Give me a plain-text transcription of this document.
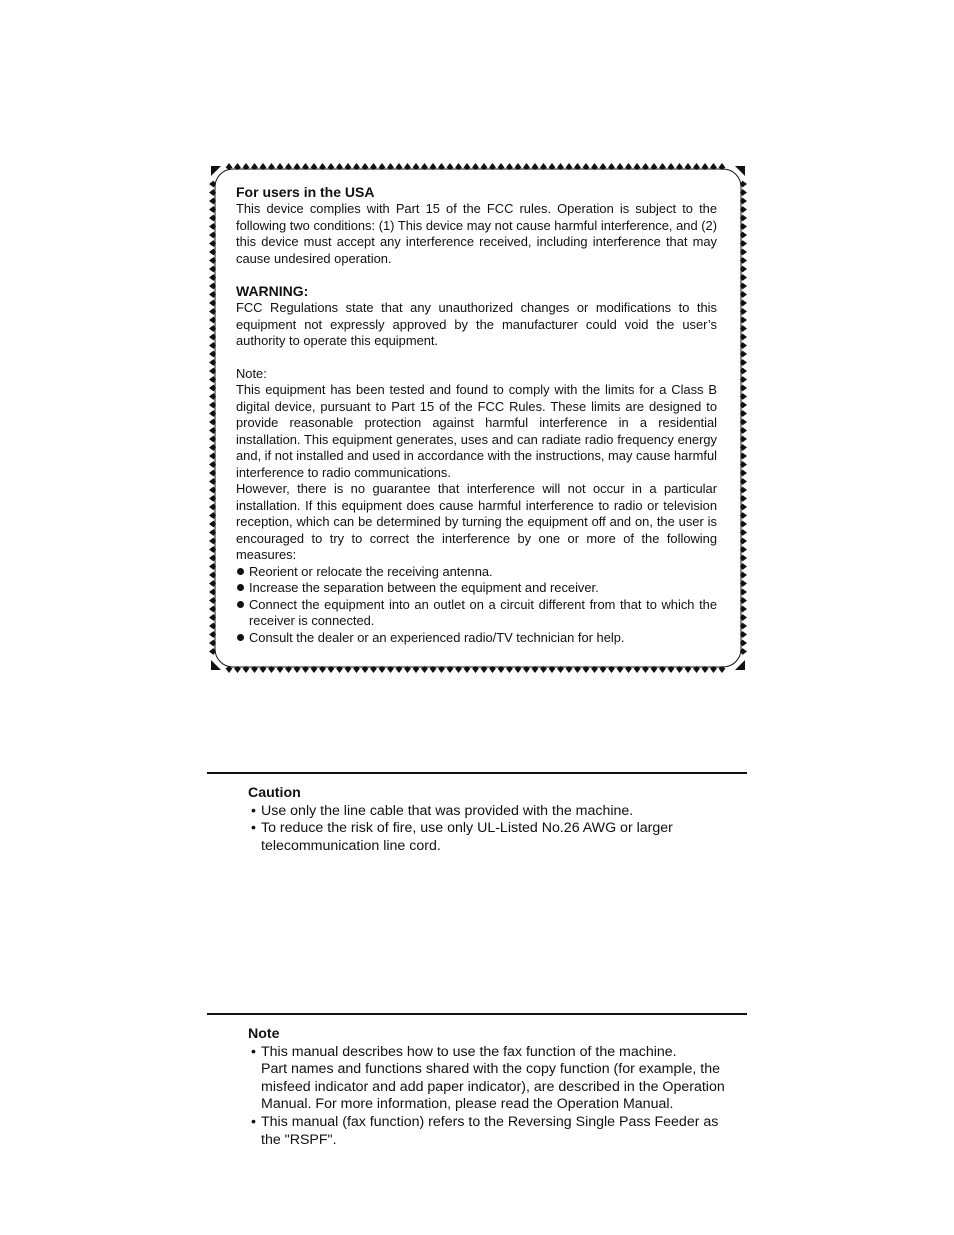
For users in the USA

This device complies with Part 15 of the FCC rules. Operation is subject to the following two conditions: (1) This device may not cause harmful interference, and (2) this device must accept any interference received, including interference that may cause undesired operation.

WARNING:

FCC Regulations state that any unauthorized changes or modifications to this equipment not expressly approved by the manufacturer could void the user’s authority to operate this equipment.

Note:

This equipment has been tested and found to comply with the limits for a Class B digital device, pursuant to Part 15 of the FCC Rules. These limits are designed to provide reasonable protection against harmful interference in a residential installation. This equipment generates, uses and can radiate radio frequency energy and, if not installed and used in accordance with the instructions, may cause harmful interference to radio communications.

However, there is no guarantee that interference will not occur in a particular installation. If this equipment does cause harmful interference to radio or television reception, which can be determined by turning the equipment off and on, the user is encouraged to try to correct the interference by one or more of the following measures:

Reorient or relocate the receiving antenna.
Increase the separation between the equipment and receiver.
Connect the equipment into an outlet on a circuit different from that to which the receiver is connected.
Consult the dealer or an experienced radio/TV technician for help.

Caution

• Use only the line cable that was provided with the machine.
• To reduce the risk of fire, use only UL-Listed No.26 AWG or larger
telecommunication line cord.

Note

• This manual describes how to use the fax function of the machine.
Part names and functions shared with the copy function (for example, the
misfeed indicator and add paper indicator), are described in the Operation
Manual. For more information, please read the Operation Manual.
• This manual (fax function) refers to the Reversing Single Pass Feeder as
the "RSPF".
